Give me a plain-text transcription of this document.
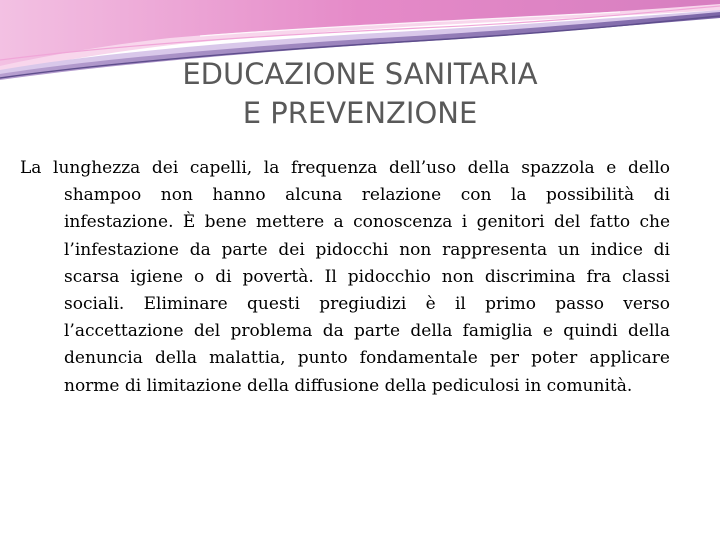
EDUCAZIONE SANITARIA
E PREVENZIONE

La lunghezza dei capelli, la frequenza dell’uso della spazzola e dello shampoo non hanno alcuna relazione con la possibilità di infestazione. È bene mettere a conoscenza i genitori del fatto che l’infestazione da parte dei pidocchi non rappresenta un indice di scarsa igiene o di povertà. Il pidocchio non discrimina fra classi sociali. Eliminare questi pregiudizi è il primo passo verso l’accettazione del problema da parte della famiglia e quindi della denuncia della malattia, punto fondamentale per poter applicare norme di limitazione della diffusione della pediculosi in comunità.
